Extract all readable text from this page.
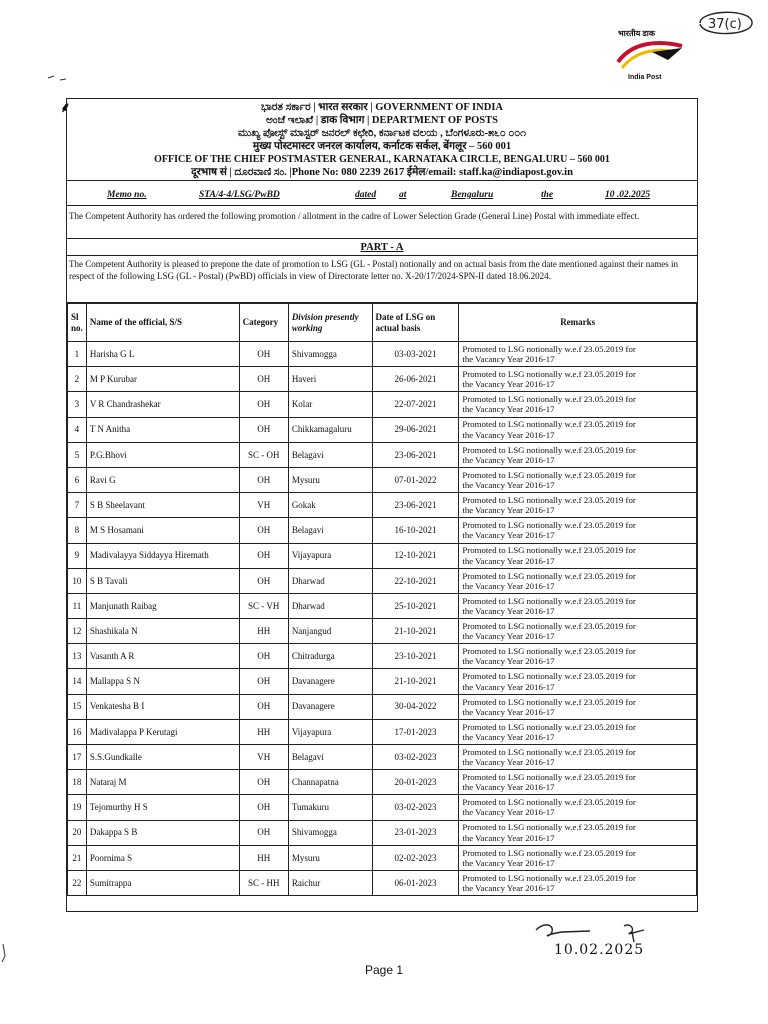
37(c)
भारतीय डाक
India Post
⸙	ಭಾರತ ಸರ್ಕಾರ | भारत सरकार | GOVERNMENT OF INDIA
ಅಂಚೆ ಇಲಾಖೆ | डाक विभाग | DEPARTMENT OF POSTS
ಮುಖ್ಯ ಪೋಸ್ಟ್ ಮಾಸ್ಟರ್ ಜನರಲ್ ಕಛೇರಿ, ಕರ್ನಾಟಕ ವಲಯ , ಬೆಂಗಳೂರು-೫೬೦ ೦೦೧
मुख्य पोस्टमास्टर जनरल कार्यालय, कर्नाटक सर्कल, बेंगलूर – 560 001
OFFICE OF THE CHIEF POSTMASTER GENERAL, KARNATAKA CIRCLE, BENGALURU – 560 001
दूरभाष सं | ದೂರವಾಣಿ ಸಂ. |Phone No: 080 2239 2617 ईमेल/email: staff.ka@indiapost.gov.in
Memo no.	STA/4-4/LSG/PwBD	dated at	Bengaluru	the	10 .02.2025
The Competent Authority has ordered the following promotion / allotment in the cadre of Lower Selection Grade (General Line) Postal with immediate effect.
PART - A
The Competent Authority is pleased to prepone the date of promotion to LSG (GL - Postal) notionally and on actual basis from the date mentioned against their names in respect of the following LSG (GL - Postal) (PwBD) officials in view of Directorate letter no. X-20/17/2024-SPN-II dated 18.06.2024.
Sl no.	Name of the official, S/S	Category	Division presently working	Date of LSG on actual basis	Remarks
1	Harisha G L	OH	Shivamogga	03-03-2021	Promoted to LSG notionally w.e.f 23.05.2019 for
the Vacancy Year 2016-17

2	M P Kurubar	OH	Haveri	26-06-2021	Promoted to LSG notionally w.e.f 23.05.2019 for
the Vacancy Year 2016-17

3	V R Chandrashekar	OH	Kolar	22-07-2021	Promoted to LSG notionally w.e.f 23.05.2019 for
the Vacancy Year 2016-17

4	T N Anitha	OH	Chikkamagaluru	29-06-2021	Promoted to LSG notionally w.e.f 23.05.2019 for
the Vacancy Year 2016-17

5	P.G.Bhovi	SC - OH	Belagavi	23-06-2021	Promoted to LSG notionally w.e.f 23.05.2019 for
the Vacancy Year 2016-17

6	Ravi G	OH	Mysuru	07-01-2022	Promoted to LSG notionally w.e.f 23.05.2019 for
the Vacancy Year 2016-17

7	S B Sheelavant	VH	Gokak	23-06-2021	Promoted to LSG notionally w.e.f 23.05.2019 for
the Vacancy Year 2016-17

8	M S Hosamani	OH	Belagavi	16-10-2021	Promoted to LSG notionally w.e.f 23.05.2019 for
the Vacancy Year 2016-17

9	Madivalayya Siddayya Hiremath	OH	Vijayapura	12-10-2021	Promoted to LSG notionally w.e.f 23.05.2019 for
the Vacancy Year 2016-17

10	S B Tavali	OH	Dharwad	22-10-2021	Promoted to LSG notionally w.e.f 23.05.2019 for
the Vacancy Year 2016-17

11	Manjunath Raibag	SC - VH	Dharwad	25-10-2021	Promoted to LSG notionally w.e.f 23.05.2019 for
the Vacancy Year 2016-17

12	Shashikala N	HH	Nanjangud	21-10-2021	Promoted to LSG notionally w.e.f 23.05.2019 for
the Vacancy Year 2016-17

13	Vasanth A R	OH	Chitradurga	23-10-2021	Promoted to LSG notionally w.e.f 23.05.2019 for
the Vacancy Year 2016-17

14	Mallappa S N	OH	Davanagere	21-10-2021	Promoted to LSG notionally w.e.f 23.05.2019 for
the Vacancy Year 2016-17

15	Venkatesha B I	OH	Davanagere	30-04-2022	Promoted to LSG notionally w.e.f 23.05.2019 for
the Vacancy Year 2016-17

16	Madivalappa P Kerutagi	HH	Vijayapura	17-01-2023	Promoted to LSG notionally w.e.f 23.05.2019 for
the Vacancy Year 2016-17

17	S.S.Gundkalle	VH	Belagavi	03-02-2023	Promoted to LSG notionally w.e.f 23.05.2019 for
the Vacancy Year 2016-17

18	Nataraj M	OH	Channapatna	20-01-2023	Promoted to LSG notionally w.e.f 23.05.2019 for
the Vacancy Year 2016-17

19	Tejomurthy H S	OH	Tumakuru	03-02-2023	Promoted to LSG notionally w.e.f 23.05.2019 for
the Vacancy Year 2016-17

20	Dakappa S B	OH	Shivamogga	23-01-2023	Promoted to LSG notionally w.e.f 23.05.2019 for
the Vacancy Year 2016-17

21	Poornima S	HH	Mysuru	02-02-2023	Promoted to LSG notionally w.e.f 23.05.2019 for
the Vacancy Year 2016-17

22	Sumitrappa	SC - HH	Raichur	06-01-2023	Promoted to LSG notionally w.e.f 23.05.2019 for
the Vacancy Year 2016-17
10.02.2025
Page 1
